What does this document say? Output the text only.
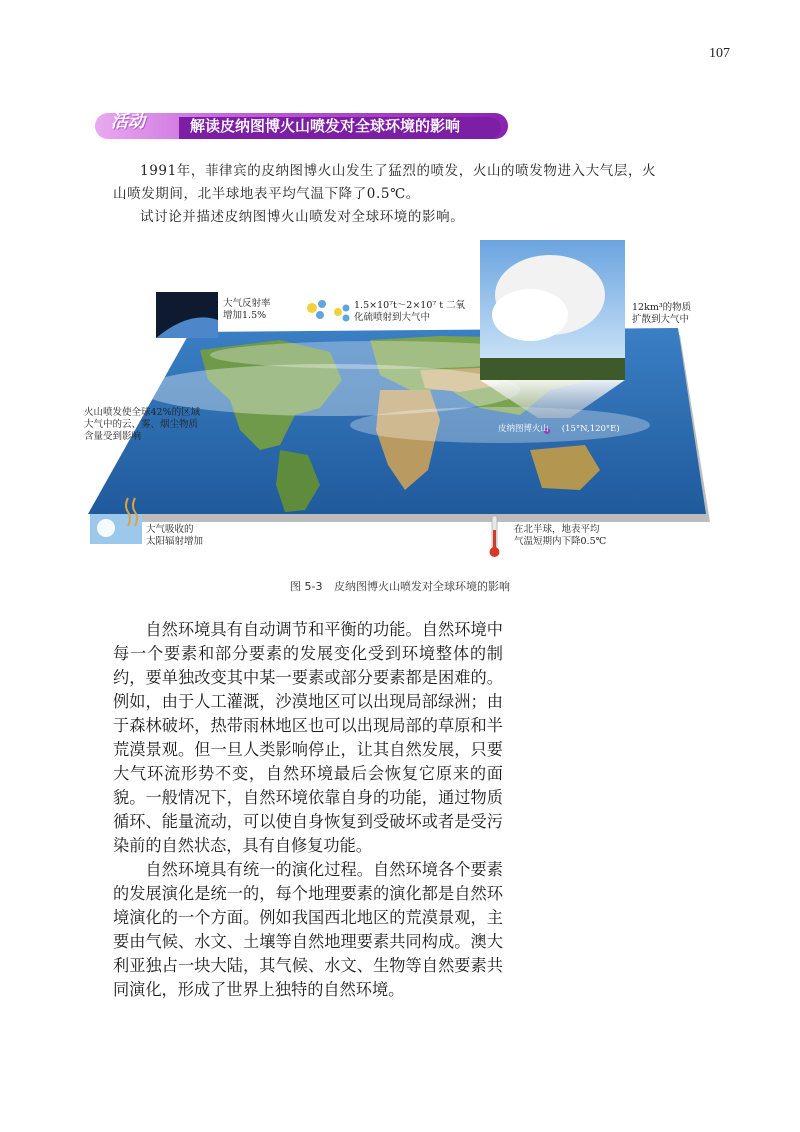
107
活动	解读皮纳图博火山喷发对全球环境的影响

1991年，菲律宾的皮纳图博火山发生了猛烈的喷发，火山的喷发物进入大气层，火

山喷发期间，北半球地表平均气温下降了0.5℃。

试讨论并描述皮纳图博火山喷发对全球环境的影响。

大气反射率
增加1.5%
1.5×10⁷t～2×10⁷ t 二氧
化硫喷射到大气中
12km³的物质
扩散到大气中
火山喷发使全球42%的区域
大气中的云、雾、烟尘物质
含量受到影响
皮纳图博火山 (15°N,120°E)
大气吸收的
太阳辐射增加
在北半球，地表平均
气温短期内下降0.5℃
图 5-3 皮纳图博火山喷发对全球环境的影响

自然环境具有自动调节和平衡的功能。自然环境中每一个要素和部分要素的发展变化受到环境整体的制约，要单独改变其中某一要素或部分要素都是困难的。例如，由于人工灌溉，沙漠地区可以出现局部绿洲；由于森林破坏，热带雨林地区也可以出现局部的草原和半荒漠景观。但一旦人类影响停止，让其自然发展，只要大气环流形势不变，自然环境最后会恢复它原来的面貌。一般情况下，自然环境依靠自身的功能，通过物质循环、能量流动，可以使自身恢复到受破坏或者是受污染前的自然状态，具有自修复功能。

自然环境具有统一的演化过程。自然环境各个要素的发展演化是统一的，每个地理要素的演化都是自然环境演化的一个方面。例如我国西北地区的荒漠景观，主要由气候、水文、土壤等自然地理要素共同构成。澳大利亚独占一块大陆，其气候、水文、生物等自然要素共同演化，形成了世界上独特的自然环境。
